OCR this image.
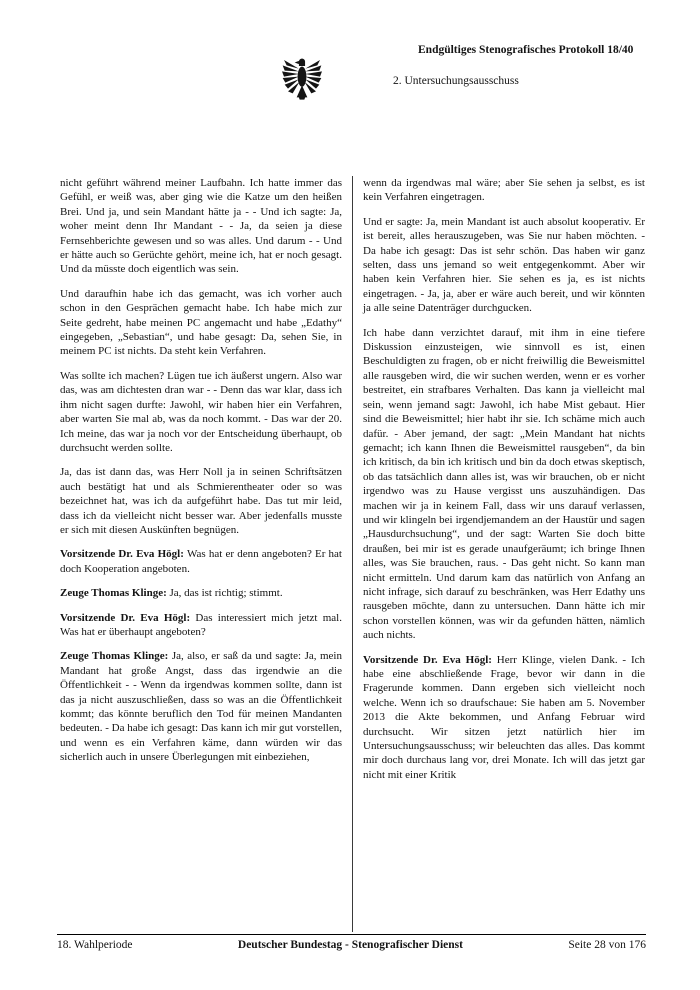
Endgültiges Stenografisches Protokoll 18/40
2. Untersuchungsausschuss

nicht geführt während meiner Laufbahn. Ich hatte immer das Gefühl, er weiß was, aber ging wie die Katze um den heißen Brei. Und ja, und sein Mandant hätte ja - - Und ich sagte: Ja, woher meint denn Ihr Mandant - - Ja, da seien ja diese Fernsehberichte gewesen und so was alles. Und darum - - Und er hätte auch so Gerüchte gehört, meine ich, hat er noch gesagt. Und da müsste doch eigentlich was sein.

Und daraufhin habe ich das gemacht, was ich vorher auch schon in den Gesprächen gemacht habe. Ich habe mich zur Seite gedreht, habe meinen PC angemacht und habe „Edathy“ eingegeben, „Sebastian“, und habe gesagt: Da, sehen Sie, in meinem PC ist nichts. Da steht kein Verfahren.

Was sollte ich machen? Lügen tue ich äußerst ungern. Also war das, was am dichtesten dran war - - Denn das war klar, dass ich ihm nicht sagen durfte: Jawohl, wir haben hier ein Verfahren, aber warten Sie mal ab, was da noch kommt. - Das war der 20. Ich meine, das war ja noch vor der Entscheidung überhaupt, ob durchsucht werden sollte.

Ja, das ist dann das, was Herr Noll ja in seinen Schriftsätzen auch bestätigt hat und als Schmierentheater oder so was bezeichnet hat, was ich da aufgeführt habe. Das tut mir leid, dass ich da vielleicht nicht besser war. Aber jedenfalls musste er sich mit diesen Auskünften begnügen.

Vorsitzende Dr. Eva Högl: Was hat er denn angeboten? Er hat doch Kooperation angeboten.

Zeuge Thomas Klinge: Ja, das ist richtig; stimmt.

Vorsitzende Dr. Eva Högl: Das interessiert mich jetzt mal. Was hat er überhaupt angeboten?

Zeuge Thomas Klinge: Ja, also, er saß da und sagte: Ja, mein Mandant hat große Angst, dass das irgendwie an die Öffentlichkeit - - Wenn da irgendwas kommen sollte, dann ist das ja nicht auszuschließen, dass so was an die Öffentlichkeit kommt; das könnte beruflich den Tod für meinen Mandanten bedeuten. - Da habe ich gesagt: Das kann ich mir gut vorstellen, und wenn es ein Verfahren käme, dann würden wir das sicherlich auch in unsere Überlegungen mit einbeziehen,

wenn da irgendwas mal wäre; aber Sie sehen ja selbst, es ist kein Verfahren eingetragen.

Und er sagte: Ja, mein Mandant ist auch absolut kooperativ. Er ist bereit, alles herauszugeben, was Sie nur haben möchten. - Da habe ich gesagt: Das ist sehr schön. Das haben wir ganz selten, dass uns jemand so weit entgegenkommt. Aber wir haben kein Verfahren hier. Sie sehen es ja, es ist nichts eingetragen. - Ja, ja, aber er wäre auch bereit, und wir könnten ja alle seine Datenträger durchgucken.

Ich habe dann verzichtet darauf, mit ihm in eine tiefere Diskussion einzusteigen, wie sinnvoll es ist, einen Beschuldigten zu fragen, ob er nicht freiwillig die Beweismittel alle rausgeben wird, die wir suchen werden, wenn er es vorher bestreitet, ein strafbares Verhalten. Das kann ja vielleicht mal sein, wenn jemand sagt: Jawohl, ich habe Mist gebaut. Hier sind die Beweismittel; hier habt ihr sie. Ich schäme mich auch dafür. - Aber jemand, der sagt: „Mein Mandant hat nichts gemacht; ich kann Ihnen die Beweismittel rausgeben“, da bin ich kritisch, da bin ich kritisch und bin da doch etwas skeptisch, ob das tatsächlich dann alles ist, was wir brauchen, ob er nicht irgendwo was zu Hause vergisst uns auszuhändigen. Das machen wir ja in keinem Fall, dass wir uns darauf verlassen, und wir klingeln bei irgendjemandem an der Haustür und sagen „Hausdurchsuchung“, und der sagt: Warten Sie doch bitte draußen, bei mir ist es gerade unaufgeräumt; ich bringe Ihnen alles, was Sie brauchen, raus. - Das geht nicht. So kann man nicht ermitteln. Und darum kam das natürlich von Anfang an nicht infrage, sich darauf zu beschränken, was Herr Edathy uns rausgeben möchte, dann zu untersuchen. Dann hätte ich mir schon vorstellen können, was wir da gefunden hätten, nämlich auch nichts.

Vorsitzende Dr. Eva Högl: Herr Klinge, vielen Dank. - Ich habe eine abschließende Frage, bevor wir dann in die Fragerunde kommen. Dann ergeben sich vielleicht noch welche. Wenn ich so draufschaue: Sie haben am 5. November 2013 die Akte bekommen, und Anfang Februar wird durchsucht. Wir sitzen jetzt natürlich hier im Untersuchungsausschuss; wir beleuchten das alles. Das kommt mir doch durchaus lang vor, drei Monate. Ich will das jetzt gar nicht mit einer Kritik

18. Wahlperiode	Deutscher Bundestag - Stenografischer Dienst	Seite 28 von 176
